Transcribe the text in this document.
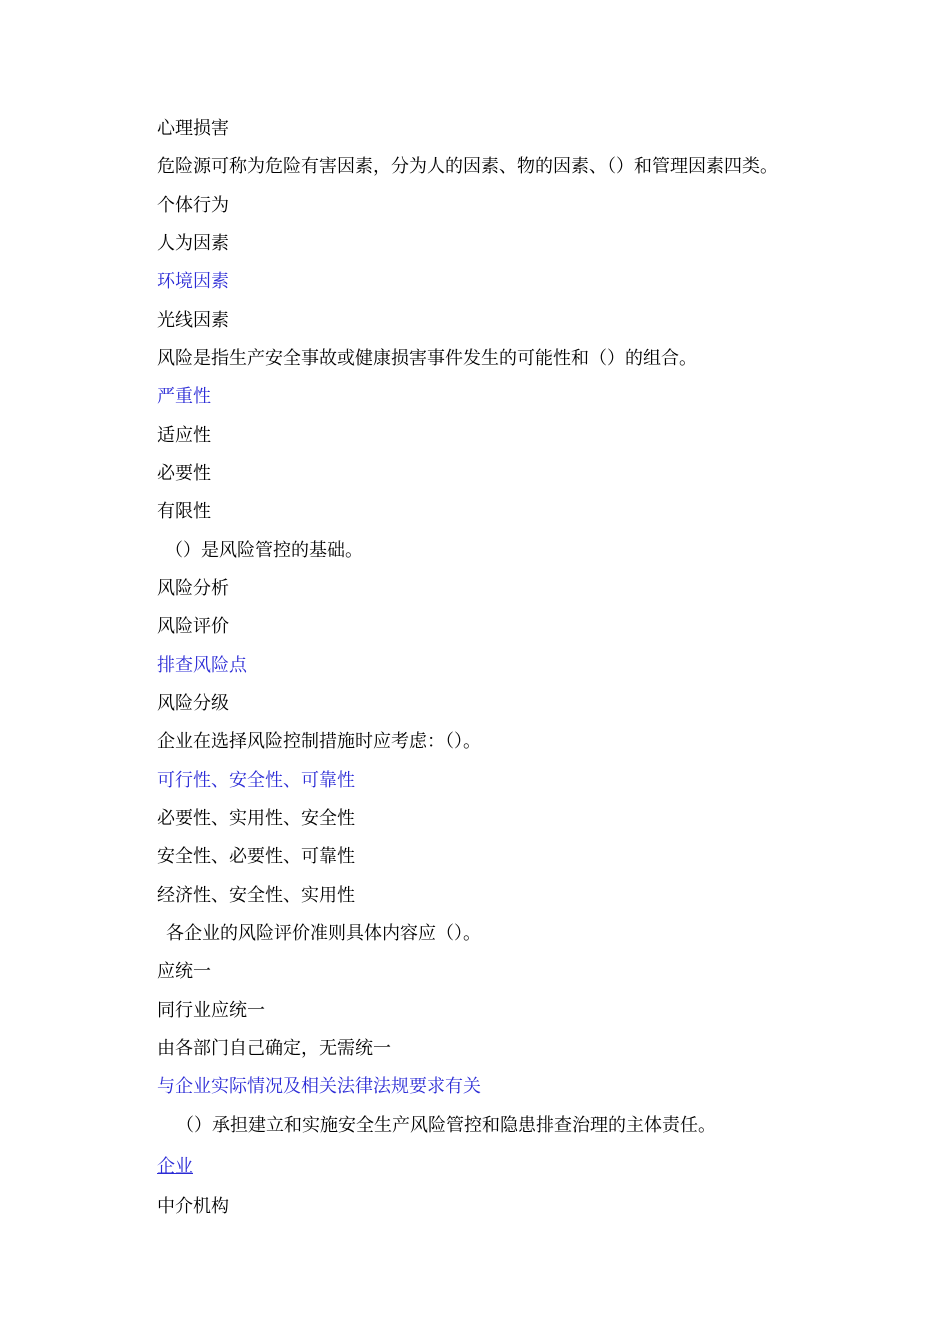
心理损害
危险源可称为危险有害因素，分为人的因素、物的因素、（）和管理因素四类。
个体行为
人为因素
环境因素
光线因素
风险是指生产安全事故或健康损害事件发生的可能性和（）的组合。
严重性
适应性
必要性
有限性
（）是风险管控的基础。
风险分析
风险评价
排查风险点
风险分级
企业在选择风险控制措施时应考虑：（）。
可行性、安全性、可靠性
必要性、实用性、安全性
安全性、必要性、可靠性
经济性、安全性、实用性
各企业的风险评价准则具体内容应（）。
应统一
同行业应统一
由各部门自己确定，无需统一
与企业实际情况及相关法律法规要求有关
（）承担建立和实施安全生产风险管控和隐患排查治理的主体责任。
企业
中介机构
